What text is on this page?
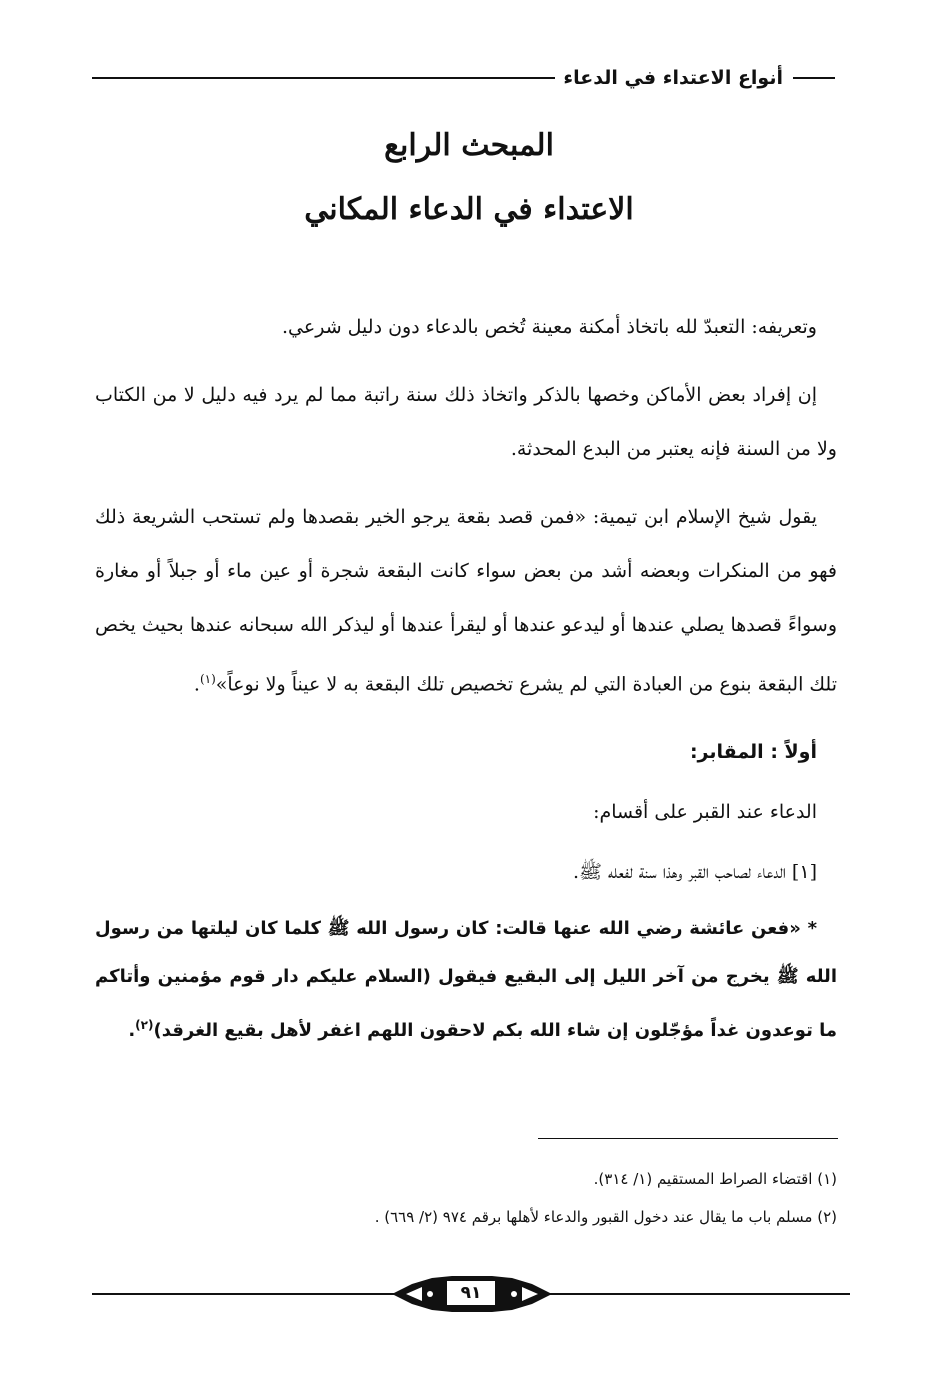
أنواع الاعتداء في الدعاء
المبحث الرابع
الاعتداء في الدعاء المكاني

وتعريفه: التعبدّ لله باتخاذ أمكنة معينة تُخص بالدعاء دون دليل شرعي.

إن إفراد بعض الأماكن وخصها بالذكر واتخاذ ذلك سنة راتبة مما لم يرد فيه دليل لا من الكتاب ولا من السنة فإنه يعتبر من البدع المحدثة.

يقول شيخ الإسلام ابن تيمية: «فمن قصد بقعة يرجو الخير بقصدها ولم تستحب الشريعة ذلك فهو من المنكرات وبعضه أشد من بعض سواء كانت البقعة شجرة أو عين ماء أو جبلاً أو مغارة وسواءً قصدها يصلي عندها أو ليدعو عندها أو ليقرأ عندها أو ليذكر الله سبحانه عندها بحيث يخص تلك البقعة بنوع من العبادة التي لم يشرع تخصيص تلك البقعة به لا عيناً ولا نوعاً»$^{(١)}$.

أولاً : المقابر:

الدعاء عند القبر على أقسام:

[١] الدعاء لصاحب القبر وهذا سنة لفعله ﷺ.

* «فعن عائشة رضي الله عنها قالت: كان رسول الله ﷺ كلما كان ليلتها من رسول الله ﷺ يخرج من آخر الليل إلى البقيع فيقول (السلام عليكم دار قوم مؤمنين وأتاكم ما توعدون غداً مؤجّلون إن شاء الله بكم لاحقون اللهم اغفر لأهل بقيع الغرقد)$^{(٢)}$.

(١) اقتضاء الصراط المستقيم (١/ ٣١٤).
(٢) مسلم باب ما يقال عند دخول القبور والدعاء لأهلها برقم ٩٧٤ (٢/ ٦٦٩) .
٩١
